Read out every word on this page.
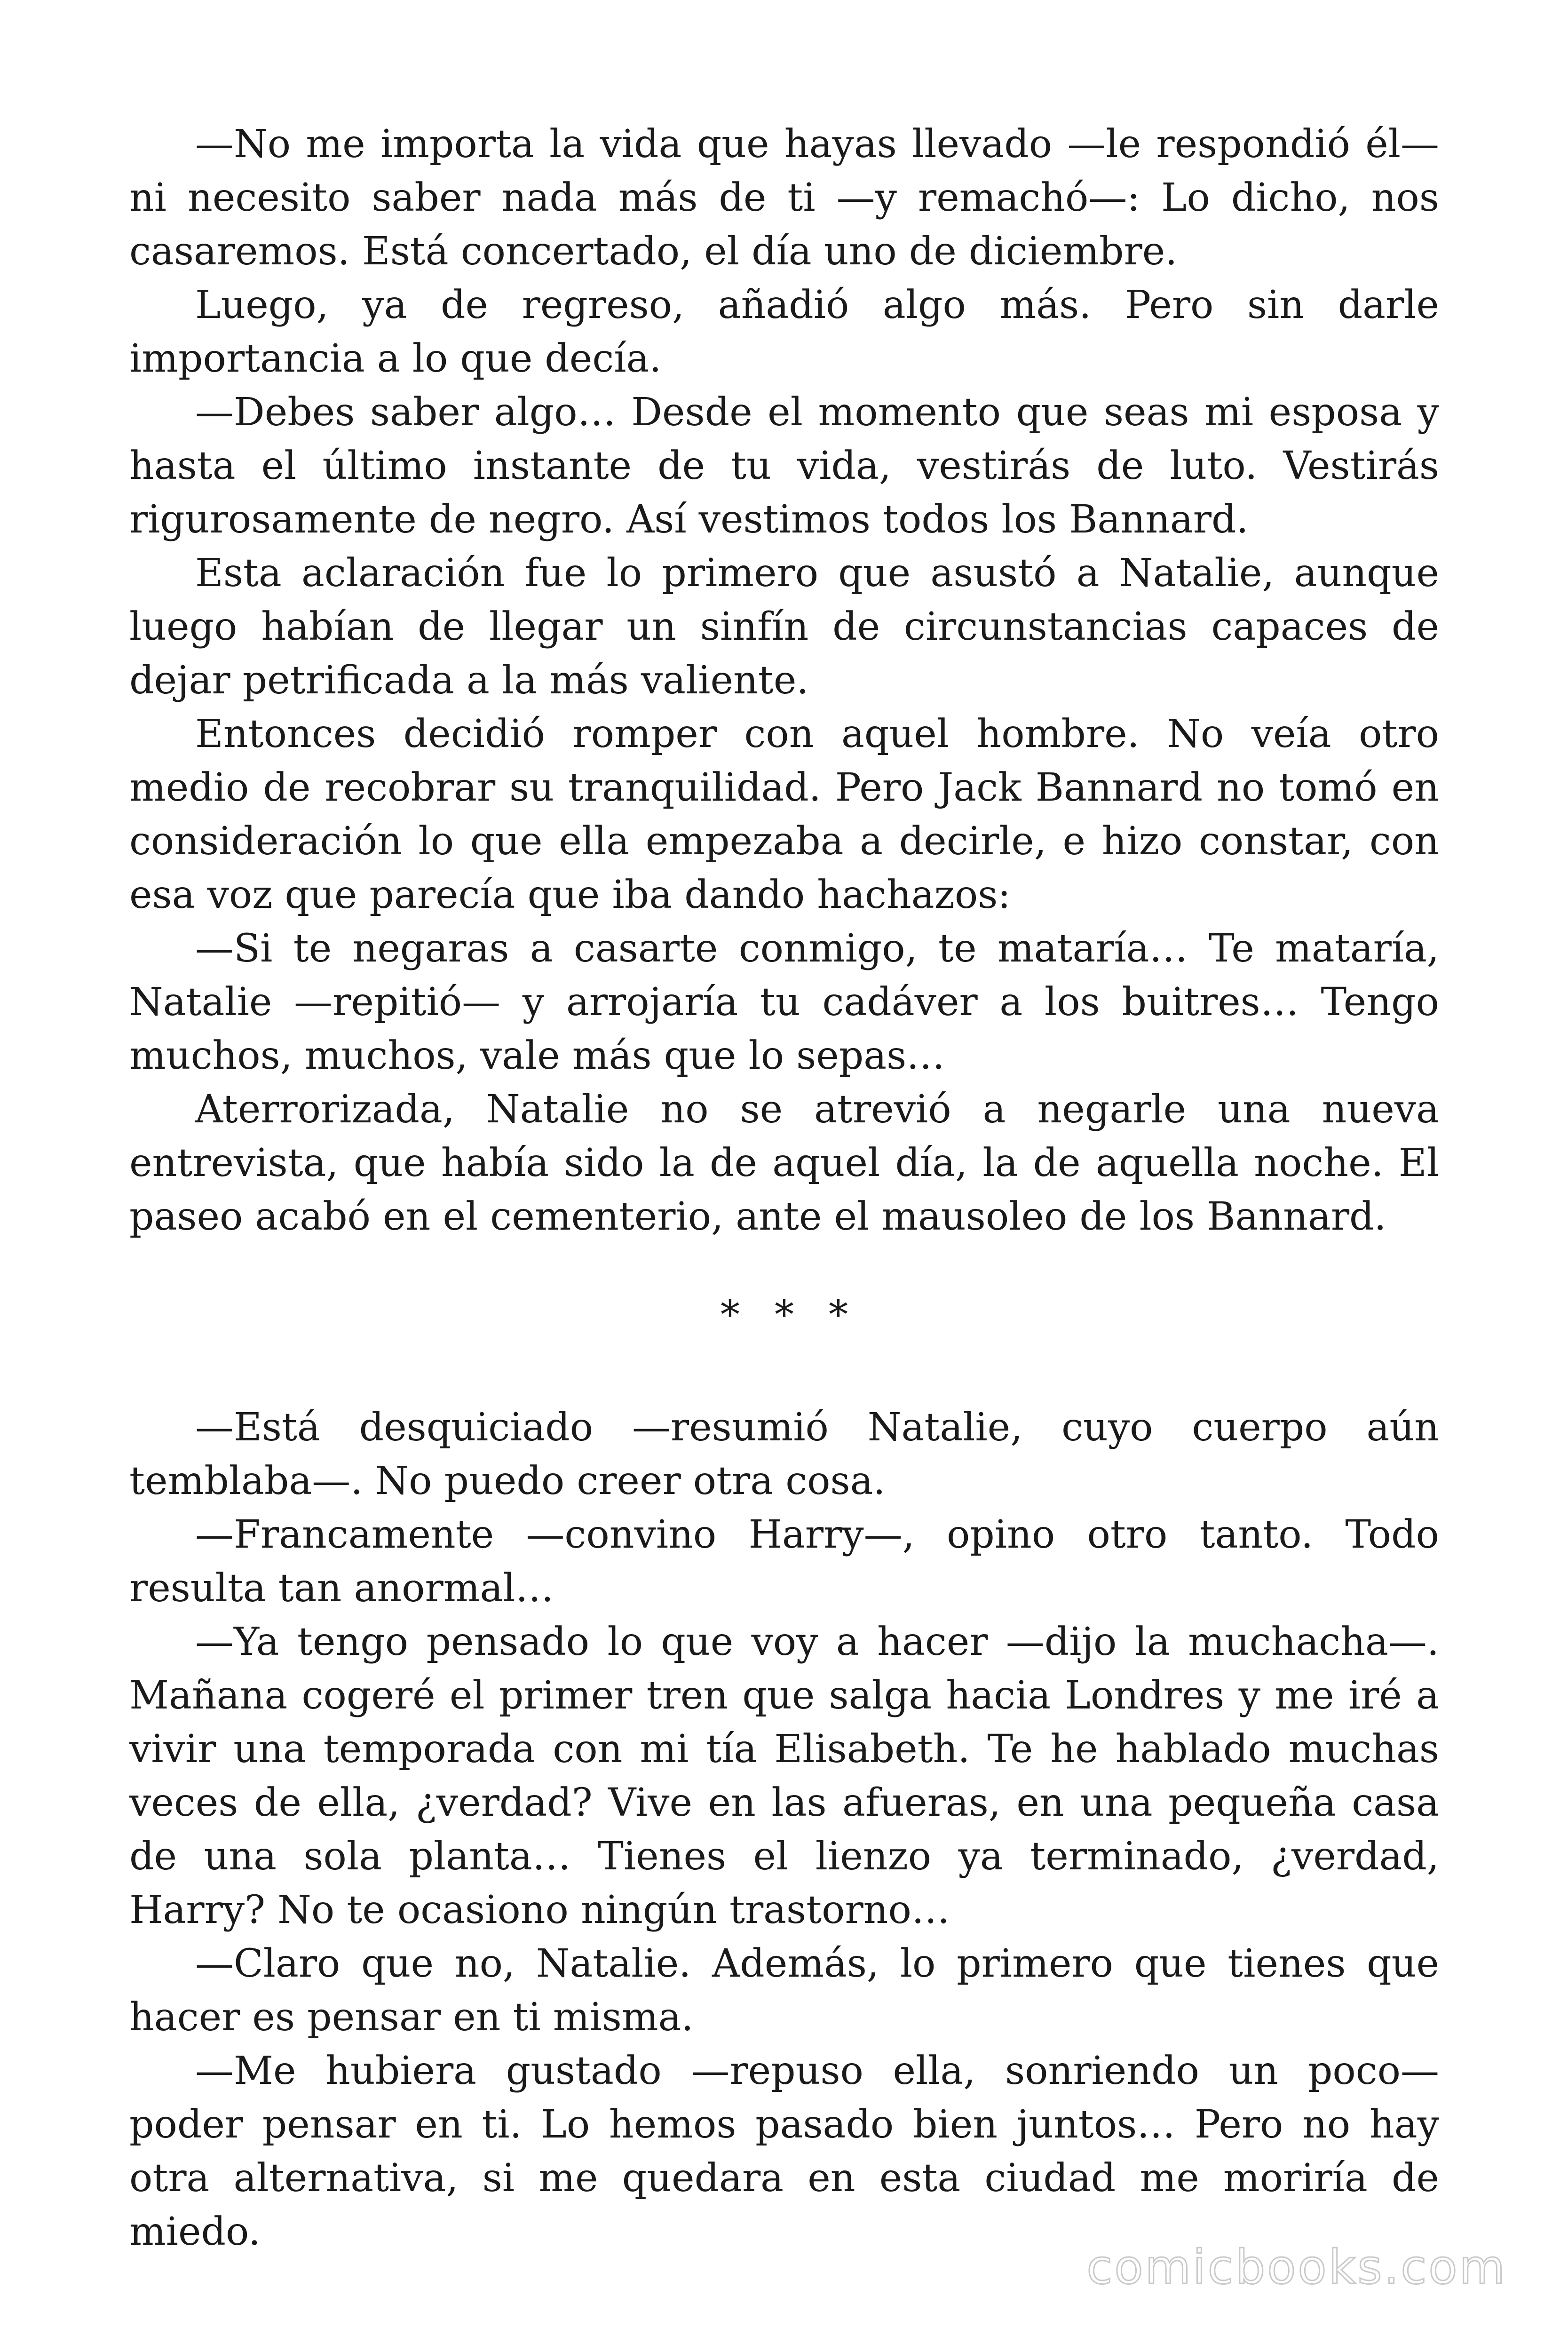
—No me importa la vida que hayas llevado —le respondió él— ni necesito saber nada más de ti —y remachó—: Lo dicho, nos casaremos. Está concertado, el día uno de diciembre.

Luego, ya de regreso, añadió algo más. Pero sin darle importancia a lo que decía.

—Debes saber algo… Desde el momento que seas mi esposa y hasta el último instante de tu vida, vestirás de luto. Vestirás rigurosamente de negro. Así vestimos todos los Bannard.

Esta aclaración fue lo primero que asustó a Natalie, aunque luego habían de llegar un sinfín de circunstancias capaces de dejar petrificada a la más valiente.

Entonces decidió romper con aquel hombre. No veía otro medio de recobrar su tranquilidad. Pero Jack Bannard no tomó en consideración lo que ella empezaba a decirle, e hizo constar, con esa voz que parecía que iba dando hachazos:

—Si te negaras a casarte conmigo, te mataría… Te mataría, Natalie —repitió— y arrojaría tu cadáver a los buitres… Tengo muchos, muchos, vale más que lo sepas…

Aterrorizada, Natalie no se atrevió a negarle una nueva entrevista, que había sido la de aquel día, la de aquella noche. El paseo acabó en el cementerio, ante el mausoleo de los Bannard.

* * *

—Está desquiciado —resumió Natalie, cuyo cuerpo aún temblaba—. No puedo creer otra cosa.

—Francamente —convino Harry—, opino otro tanto. Todo resulta tan anormal…

—Ya tengo pensado lo que voy a hacer —dijo la muchacha—. Mañana cogeré el primer tren que salga hacia Londres y me iré a vivir una temporada con mi tía Elisabeth. Te he hablado muchas veces de ella, ¿verdad? Vive en las afueras, en una pequeña casa de una sola planta… Tienes el lienzo ya terminado, ¿verdad, Harry? No te ocasiono ningún trastorno…

—Claro que no, Natalie. Además, lo primero que tienes que hacer es pensar en ti misma.

—Me hubiera gustado —repuso ella, sonriendo un poco— poder pensar en ti. Lo hemos pasado bien juntos… Pero no hay otra alternativa, si me quedara en esta ciudad me moriría de miedo.

comicbooks.com
